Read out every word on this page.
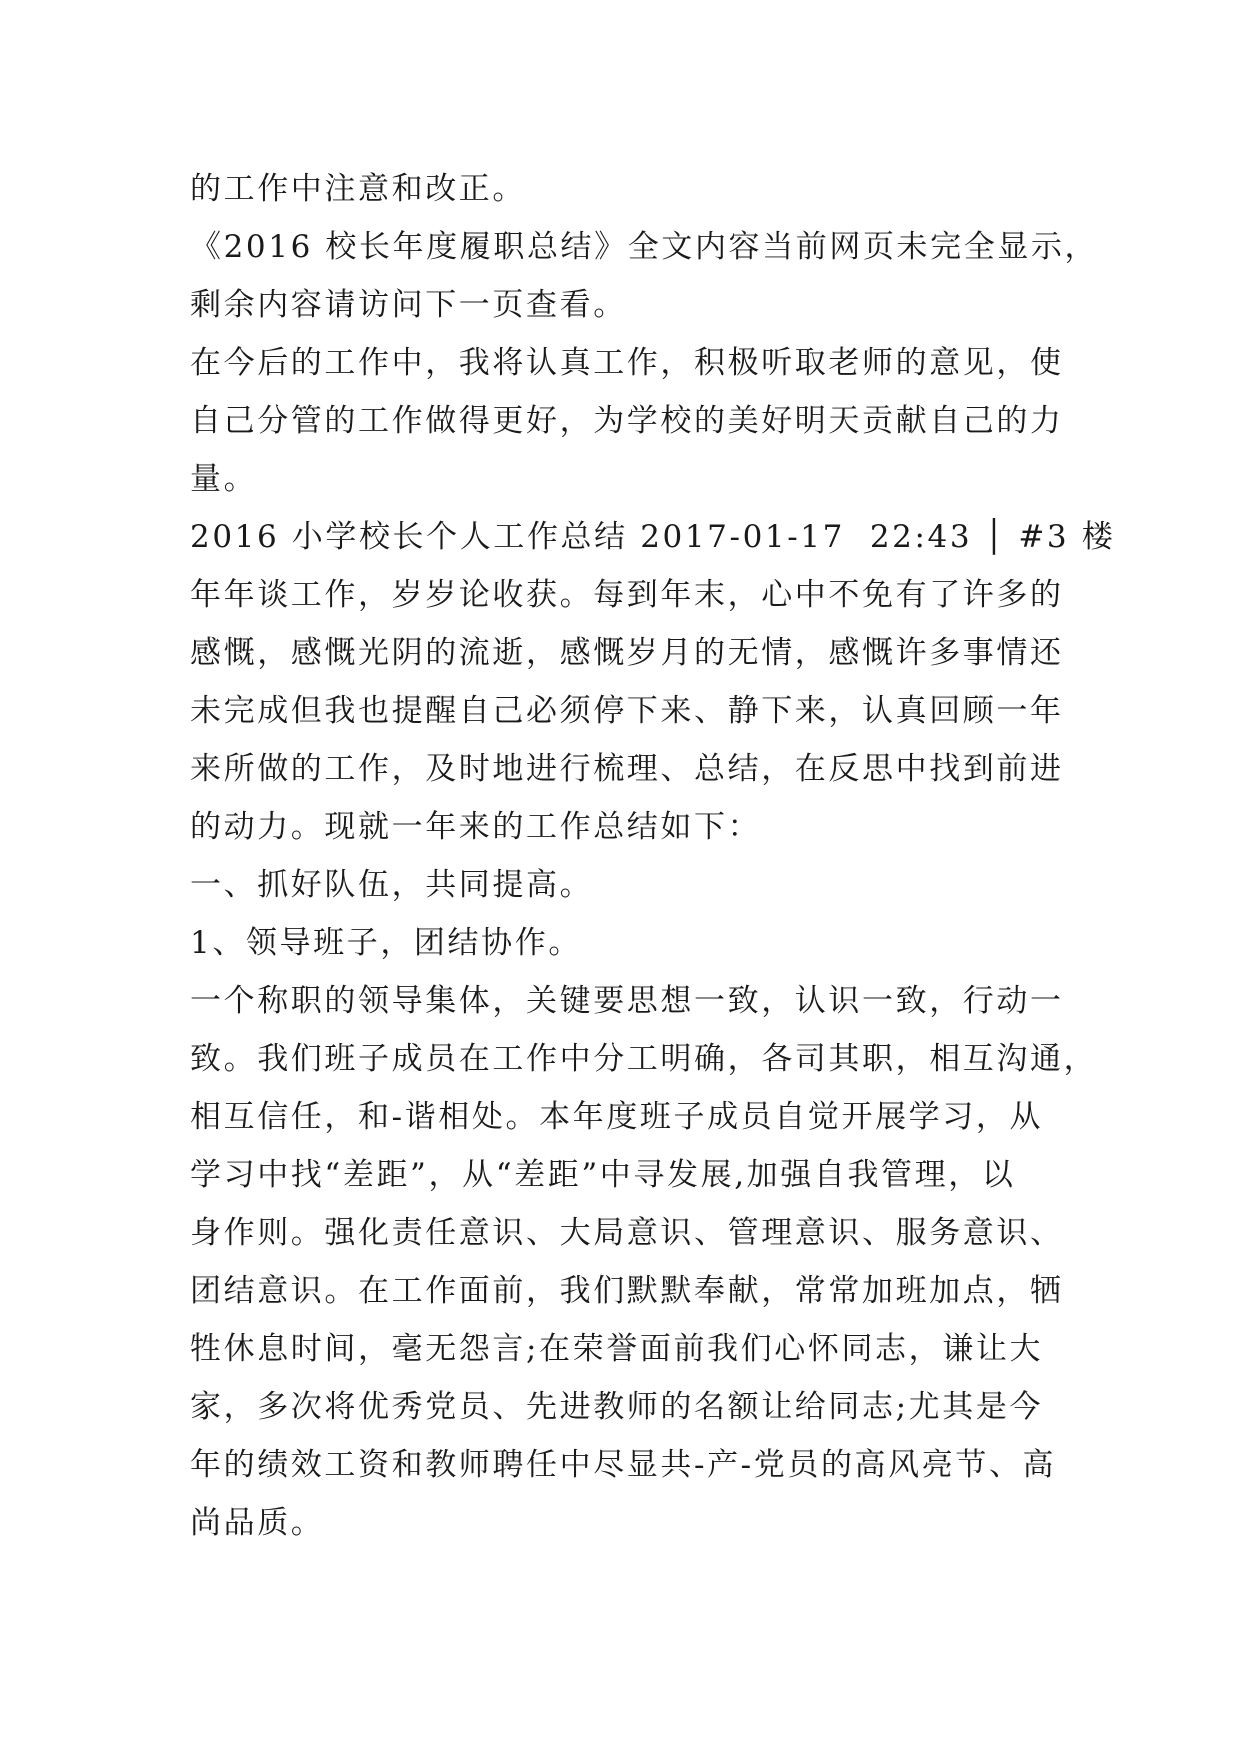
的工作中注意和改正。
《2016 校长年度履职总结》全文内容当前网页未完全显示，
剩余内容请访问下一页查看。
在今后的工作中，我将认真工作，积极听取老师的意见，使
自己分管的工作做得更好，为学校的美好明天贡献自己的力
量。
2016 小学校长个人工作总结 2017-01-17  22:43 │ #3 楼
年年谈工作，岁岁论收获。每到年末，心中不免有了许多的
感慨，感慨光阴的流逝，感慨岁月的无情，感慨许多事情还
未完成但我也提醒自己必须停下来、静下来，认真回顾一年
来所做的工作，及时地进行梳理、总结，在反思中找到前进
的动力。现就一年来的工作总结如下：
一、抓好队伍，共同提高。
1、领导班子，团结协作。
一个称职的领导集体，关键要思想一致，认识一致，行动一
致。我们班子成员在工作中分工明确，各司其职，相互沟通，
相互信任，和-谐相处。本年度班子成员自觉开展学习，从
学习中找“差距”，从“差距”中寻发展,加强自我管理，以
身作则。强化责任意识、大局意识、管理意识、服务意识、
团结意识。在工作面前，我们默默奉献，常常加班加点，牺
牲休息时间，毫无怨言;在荣誉面前我们心怀同志，谦让大
家，多次将优秀党员、先进教师的名额让给同志;尤其是今
年的绩效工资和教师聘任中尽显共-产-党员的高风亮节、高
尚品质。
